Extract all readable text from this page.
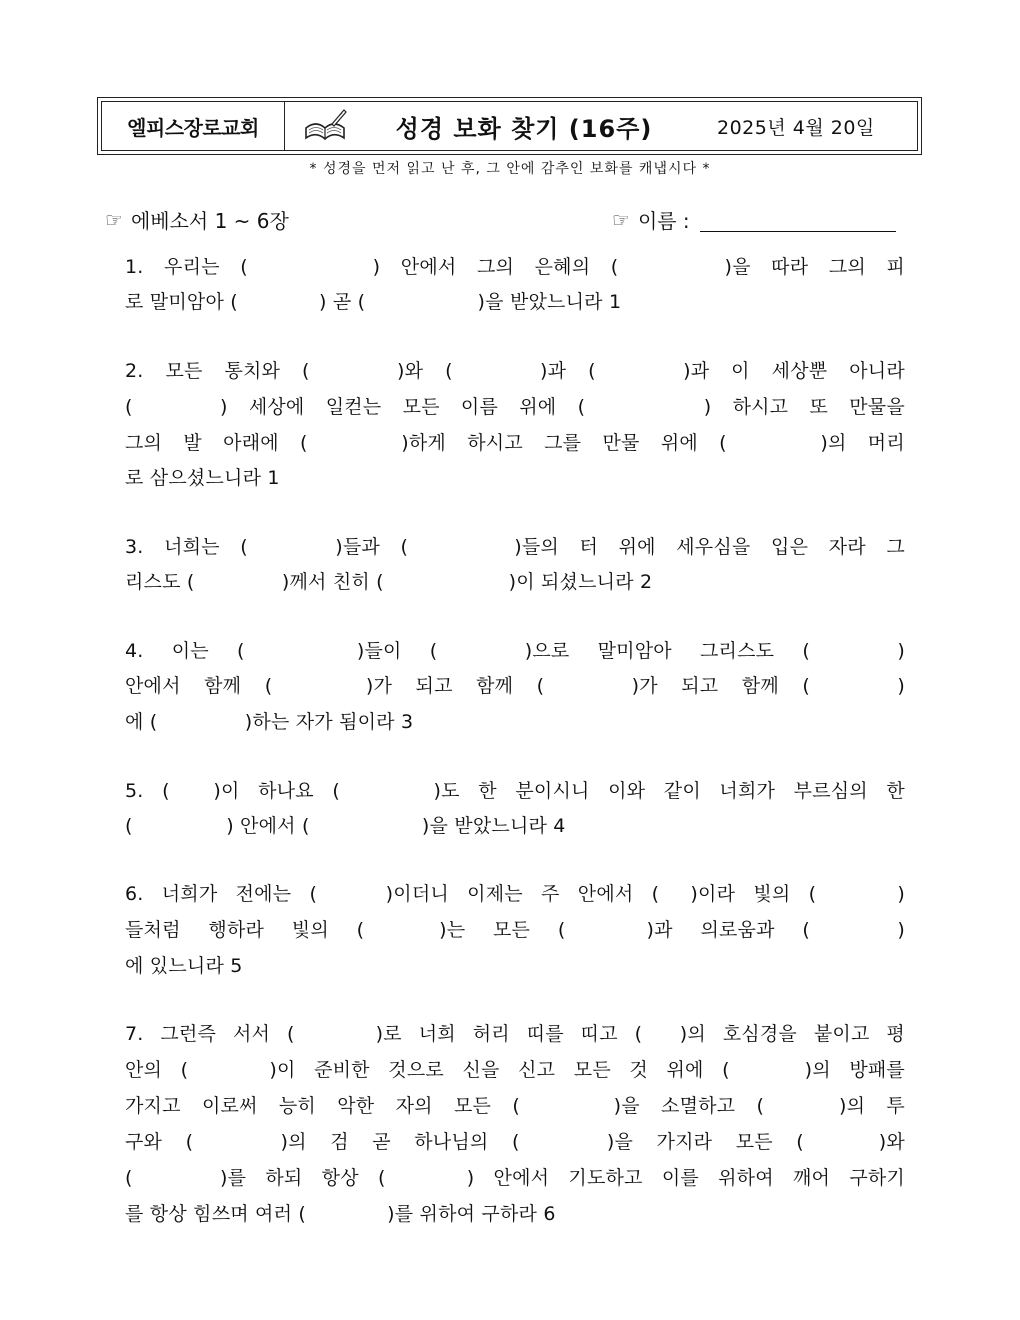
엘피스장로교회	성경 보화 찾기 (16주)	2025년 4월 20일
* 성경을 먼저 읽고 난 후, 그 안에 감추인 보화를 캐냅시다 *
☞ 에베소서 1 ~ 6장	☞ 이름 :
1. 우리는 (                    ) 안에서 그의 은혜의 (                 )을 따라 그의 피
로 말미암아 (             ) 곧 (                  )을 받았느니라 1
2. 모든 통치와 (              )와 (              )과 (              )과 이 세상뿐 아니라
(              ) 세상에 일컫는 모든 이름 위에 (                   ) 하시고 또 만물을
그의 발 아래에 (               )하게 하시고 그를 만물 위에 (               )의 머리
로 삼으셨느니라 1
3. 너희는 (              )들과 (                 )들의 터 위에 세우심을 입은 자라 그
리스도 (              )께서 친히 (                    )이 되셨느니라 2
4. 이는 (                  )들이 (              )으로 말미암아 그리스도 (              )
안에서 함께 (               )가 되고 함께 (              )가 되고 함께 (              )
에 (              )하는 자가 됨이라 3
5. (       )이 하나요 (               )도 한 분이시니 이와 같이 너희가 부르심의 한
(               ) 안에서 (                  )을 받았느니라 4
6. 너희가 전에는 (           )이더니 이제는 주 안에서 (     )이라 빛의 (             )
들처럼 행하라 빛의 (            )는 모든 (             )과 의로움과 (              )
에 있느니라 5
7. 그런즉 서서 (             )로 너희 허리 띠를 띠고 (      )의 호심경을 붙이고 평
안의 (             )이 준비한 것으로 신을 신고 모든 것 위에 (            )의 방패를
가지고 이로써 능히 악한 자의 모든 (               )을 소멸하고 (            )의 투
구와 (              )의 검 곧 하나님의 (              )을 가지라 모든 (            )와
(              )를 하되 항상 (             ) 안에서 기도하고 이를 위하여 깨어 구하기
를 항상 힘쓰며 여러 (             )를 위하여 구하라 6
